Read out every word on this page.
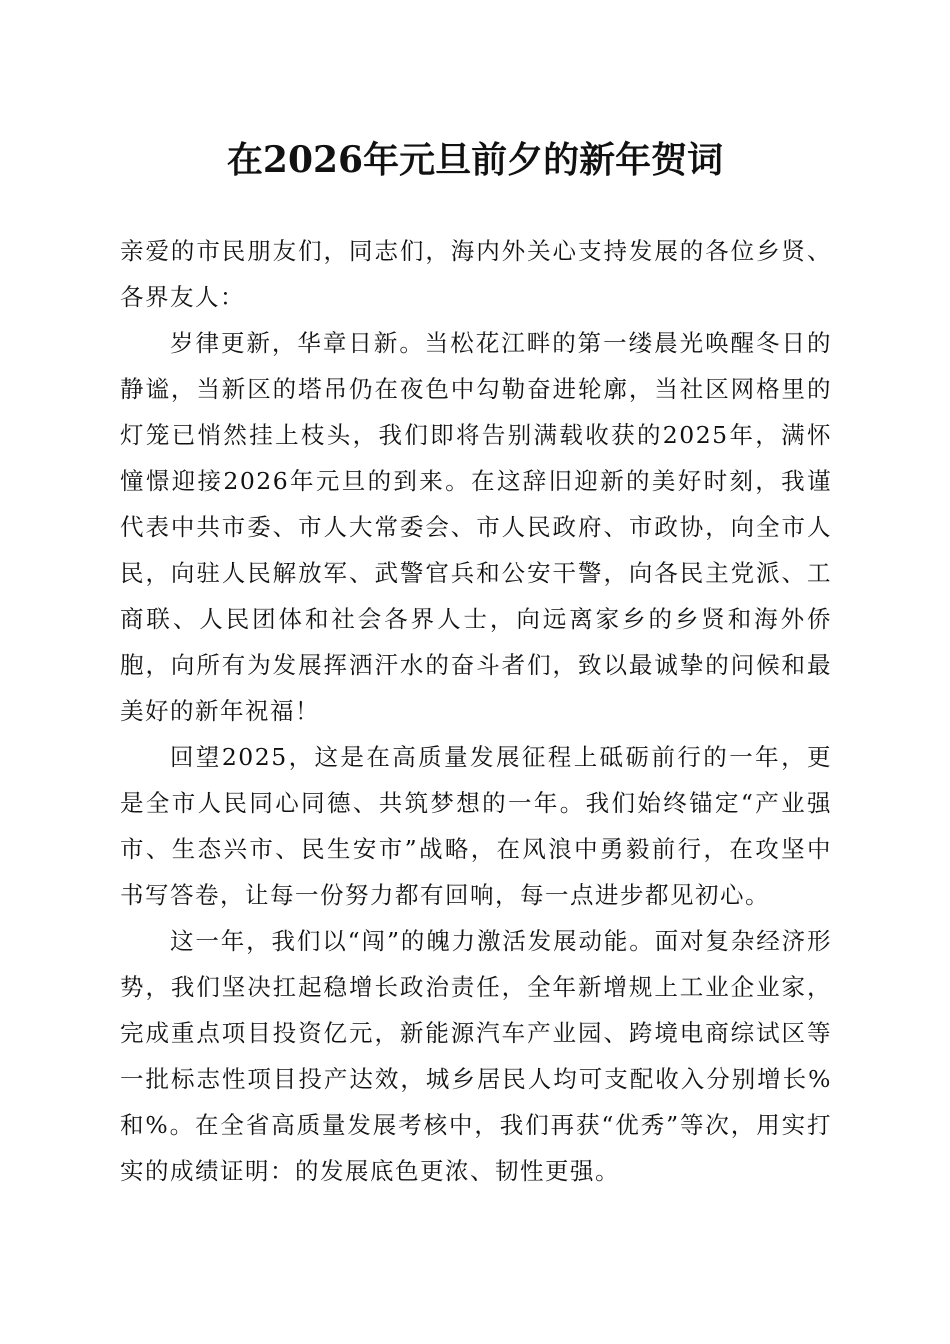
在2026年元旦前夕的新年贺词

亲爱的市民朋友们，同志们，海内外关心支持发展的各位乡贤、各界友人：

岁律更新，华章日新。当松花江畔的第一缕晨光唤醒冬日的静谧，当新区的塔吊仍在夜色中勾勒奋进轮廓，当社区网格里的灯笼已悄然挂上枝头，我们即将告别满载收获的2025年，满怀憧憬迎接2026年元旦的到来。在这辞旧迎新的美好时刻，我谨代表中共市委、市人大常委会、市人民政府、市政协，向全市人民，向驻人民解放军、武警官兵和公安干警，向各民主党派、工商联、人民团体和社会各界人士，向远离家乡的乡贤和海外侨胞，向所有为发展挥洒汗水的奋斗者们，致以最诚挚的问候和最美好的新年祝福！

回望2025，这是在高质量发展征程上砥砺前行的一年，更是全市人民同心同德、共筑梦想的一年。我们始终锚定“产业强市、生态兴市、民生安市”战略，在风浪中勇毅前行，在攻坚中书写答卷，让每一份努力都有回响，每一点进步都见初心。

这一年，我们以“闯”的魄力激活发展动能。面对复杂经济形势，我们坚决扛起稳增长政治责任，全年新增规上工业企业家，完成重点项目投资亿元，新能源汽车产业园、跨境电商综试区等一批标志性项目投产达效，城乡居民人均可支配收入分别增长%和%。在全省高质量发展考核中，我们再获“优秀”等次，用实打实的成绩证明：的发展底色更浓、韧性更强。
